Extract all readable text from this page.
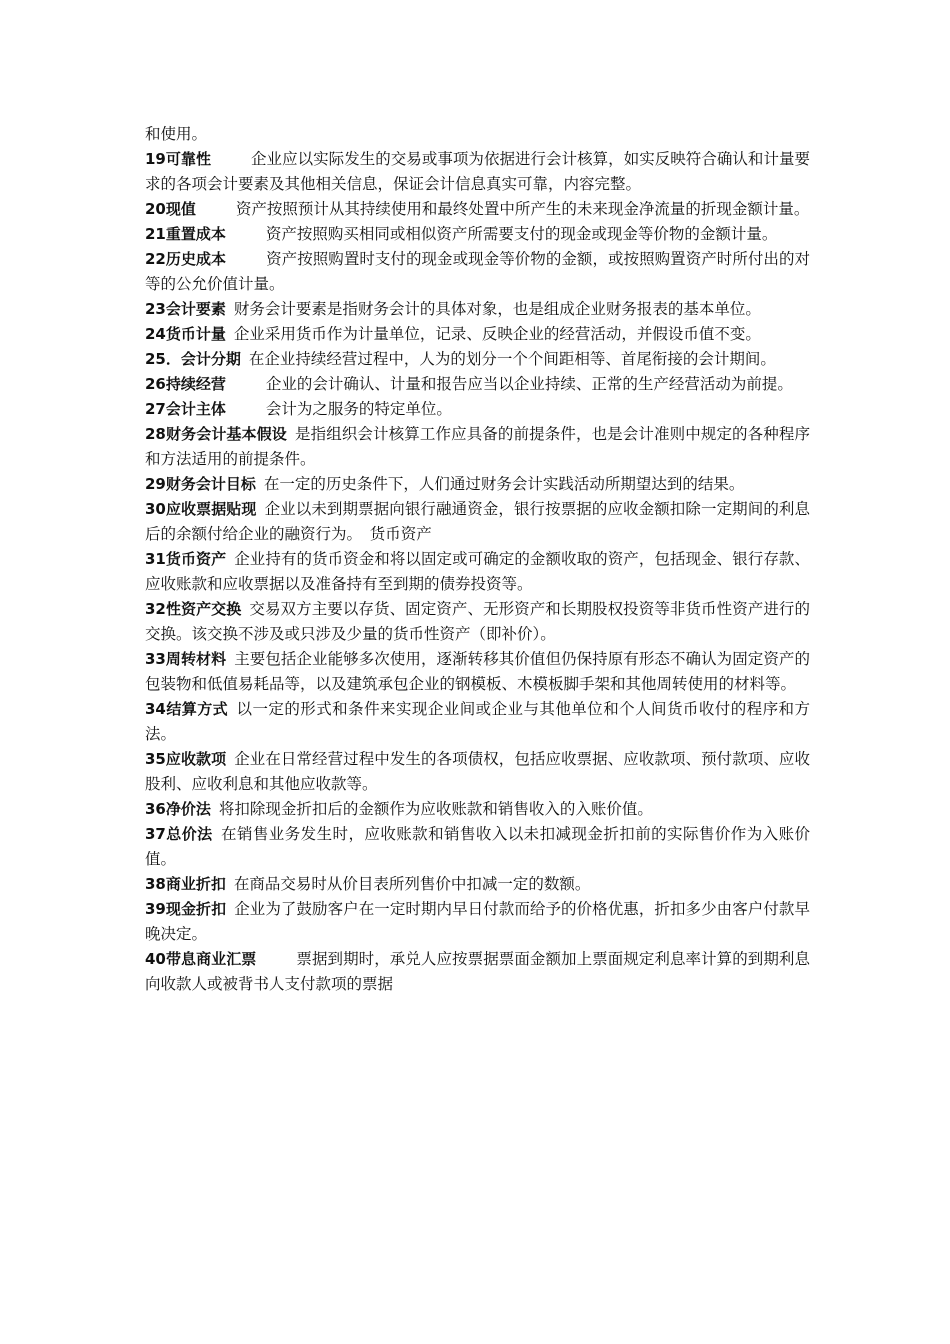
和使用。

19可靠性	企业应以实际发生的交易或事项为依据进行会计核算，如实反映符合确认和计量要求的各项会计要素及其他相关信息，保证会计信息真实可靠，内容完整。

20现值	资产按照预计从其持续使用和最终处置中所产生的未来现金净流量的折现金额计量。

21重置成本	资产按照购买相同或相似资产所需要支付的现金或现金等价物的金额计量。

22历史成本	资产按照购置时支付的现金或现金等价物的金额，或按照购置资产时所付出的对等的公允价值计量。

23会计要素 财务会计要素是指财务会计的具体对象，也是组成企业财务报表的基本单位。

24货币计量 企业采用货币作为计量单位，记录、反映企业的经营活动，并假设币值不变。

25．会计分期 在企业持续经营过程中，人为的划分一个个间距相等、首尾衔接的会计期间。

26持续经营	企业的会计确认、计量和报告应当以企业持续、正常的生产经营活动为前提。

27会计主体	会计为之服务的特定单位。

28财务会计基本假设 是指组织会计核算工作应具备的前提条件，也是会计准则中规定的各种程序和方法适用的前提条件。

29财务会计目标 在一定的历史条件下，人们通过财务会计实践活动所期望达到的结果。

30应收票据贴现 企业以未到期票据向银行融通资金，银行按票据的应收金额扣除一定期间的利息后的余额付给企业的融资行为。　货币资产

31货币资产 企业持有的货币资金和将以固定或可确定的金额收取的资产，包括现金、银行存款、应收账款和应收票据以及准备持有至到期的债券投资等。

32性资产交换 交易双方主要以存货、固定资产、无形资产和长期股权投资等非货币性资产进行的交换。该交换不涉及或只涉及少量的货币性资产（即补价）。

33周转材料 主要包括企业能够多次使用，逐渐转移其价值但仍保持原有形态不确认为固定资产的包装物和低值易耗品等，以及建筑承包企业的钢模板、木模板脚手架和其他周转使用的材料等。

34结算方式 以一定的形式和条件来实现企业间或企业与其他单位和个人间货币收付的程序和方法。

35应收款项 企业在日常经营过程中发生的各项债权，包括应收票据、应收款项、预付款项、应收股利、应收利息和其他应收款等。

36净价法 将扣除现金折扣后的金额作为应收账款和销售收入的入账价值。

37总价法 在销售业务发生时，应收账款和销售收入以未扣减现金折扣前的实际售价作为入账价值。

38商业折扣 在商品交易时从价目表所列售价中扣减一定的数额。

39现金折扣 企业为了鼓励客户在一定时期内早日付款而给予的价格优惠，折扣多少由客户付款早晚决定。

40带息商业汇票	票据到期时，承兑人应按票据票面金额加上票面规定利息率计算的到期利息向收款人或被背书人支付款项的票据
